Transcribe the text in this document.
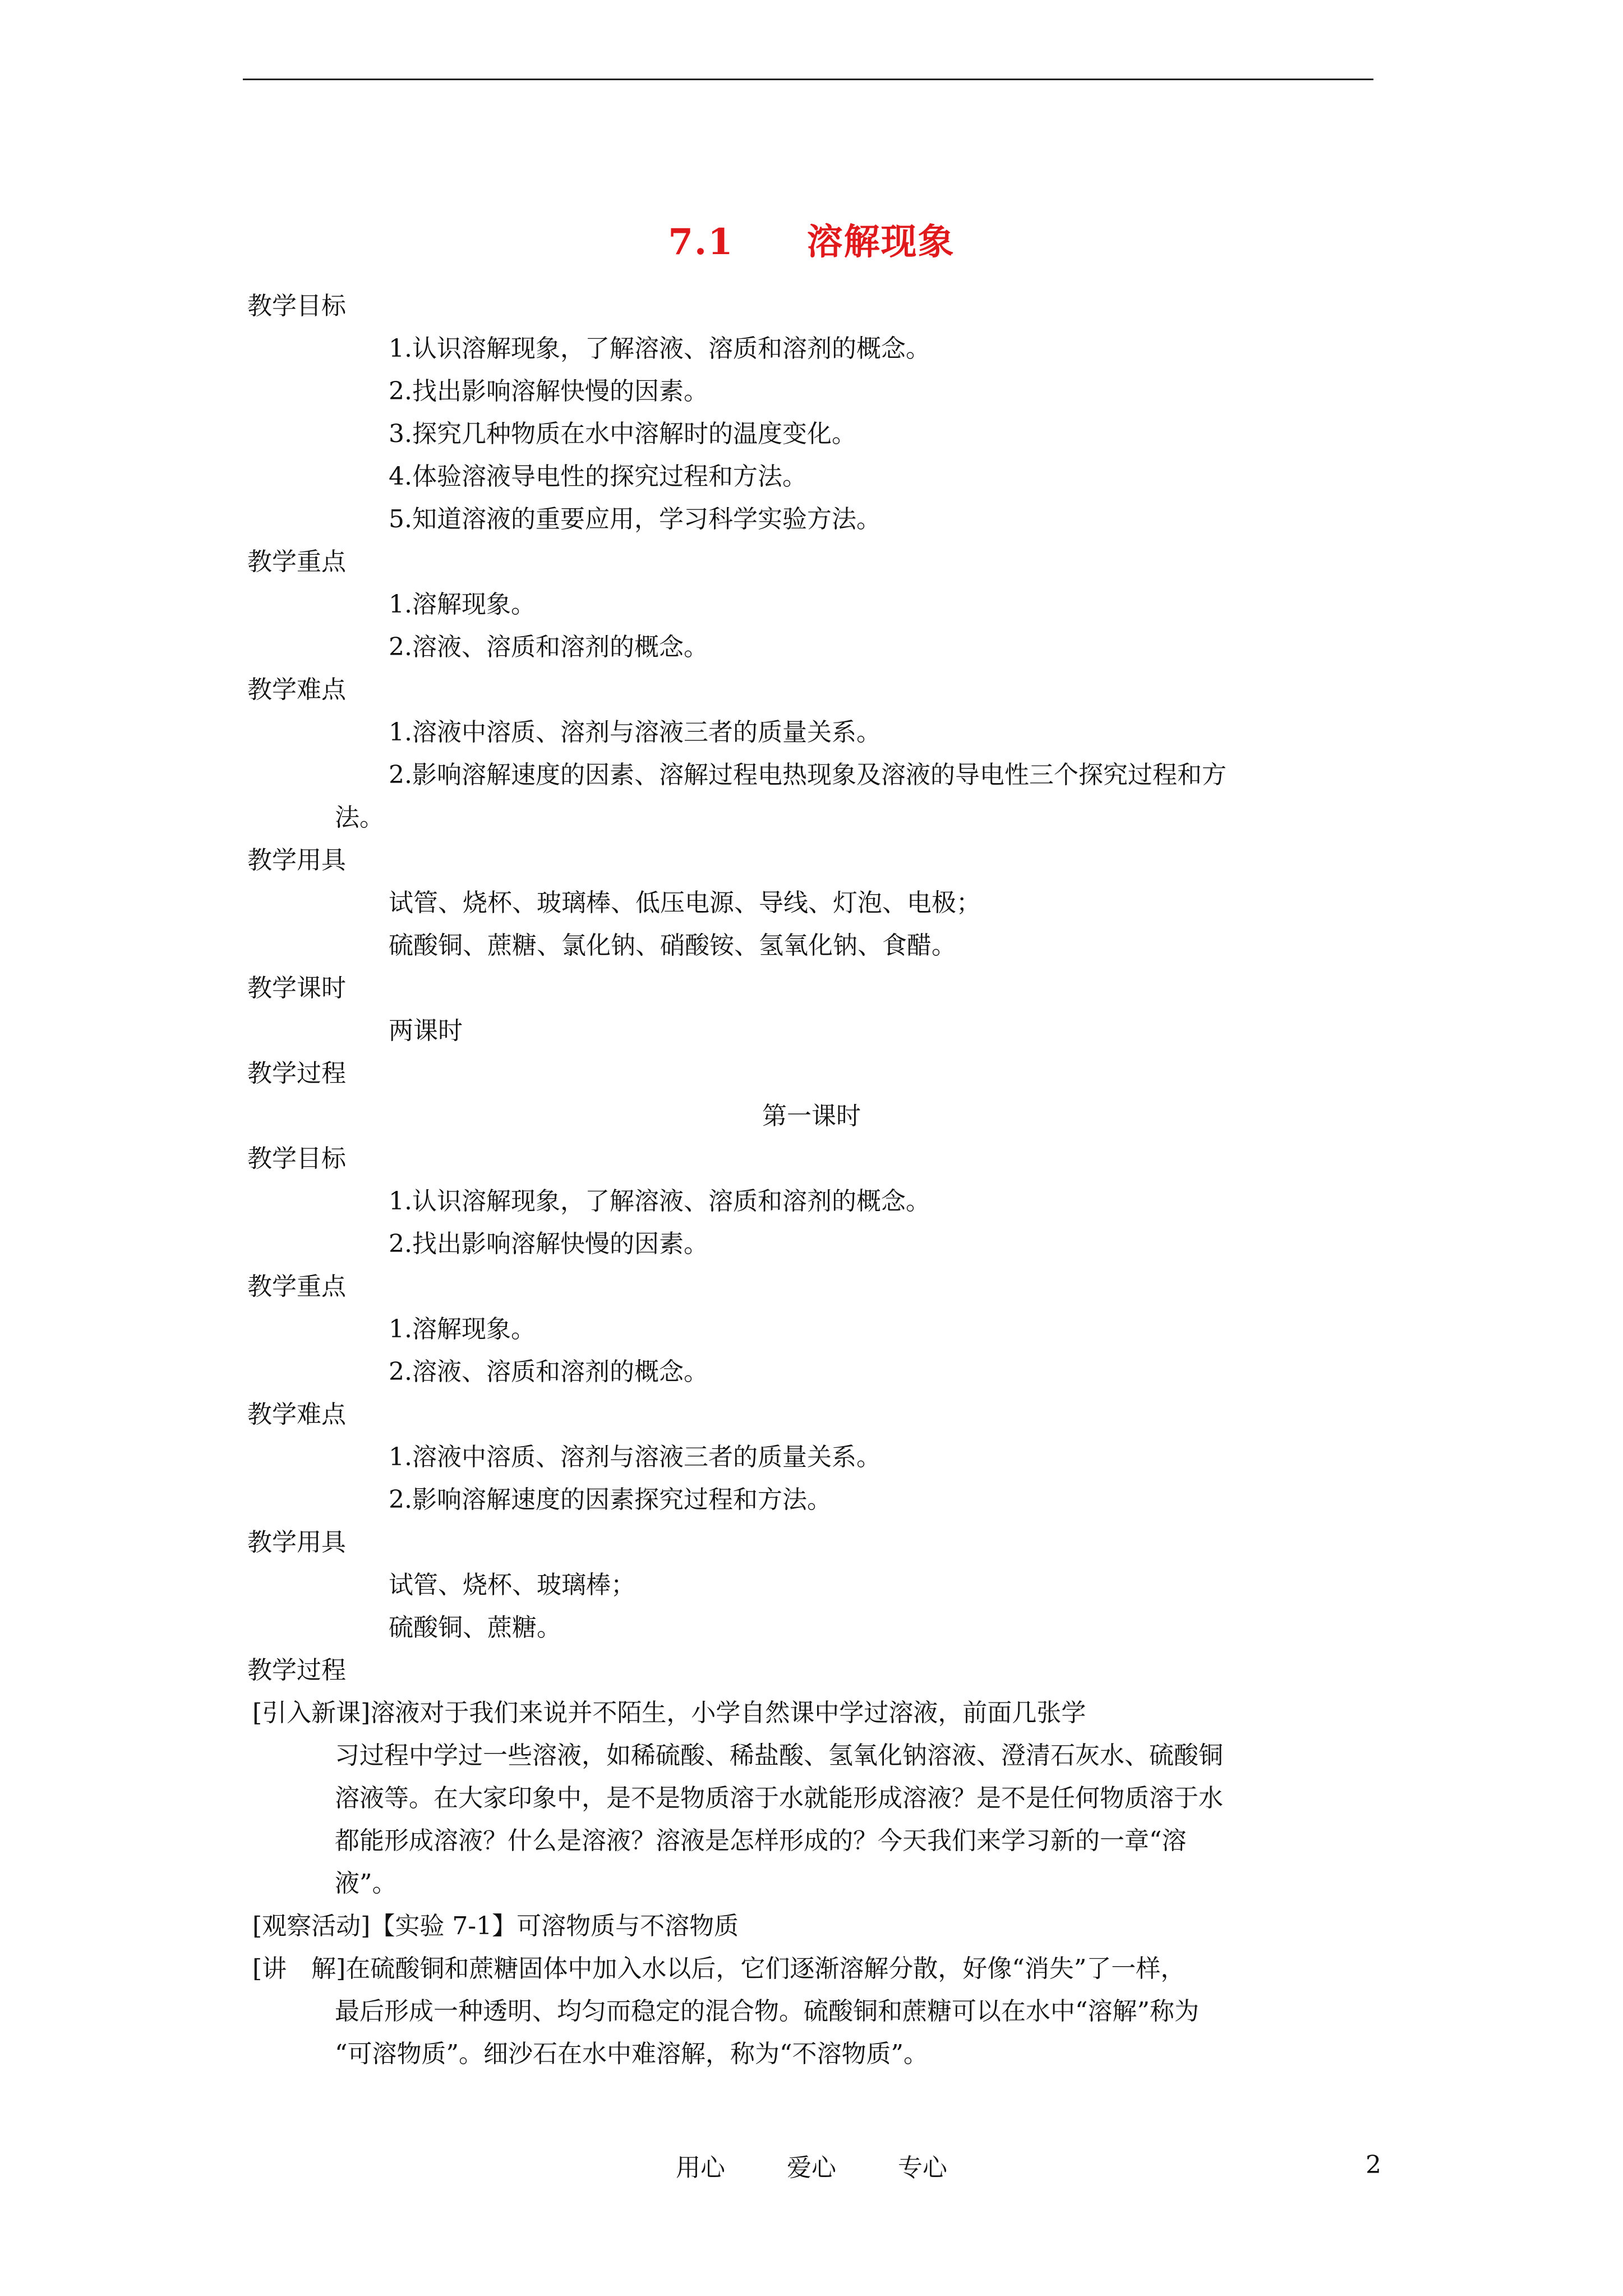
7.1 溶解现象
教学目标
1.认识溶解现象，了解溶液、溶质和溶剂的概念。
2.找出影响溶解快慢的因素。
3.探究几种物质在水中溶解时的温度变化。
4.体验溶液导电性的探究过程和方法。
5.知道溶液的重要应用，学习科学实验方法。
教学重点
1.溶解现象。
2.溶液、溶质和溶剂的概念。
教学难点
1.溶液中溶质、溶剂与溶液三者的质量关系。
2.影响溶解速度的因素、溶解过程电热现象及溶液的导电性三个探究过程和方
法。
教学用具
试管、烧杯、玻璃棒、低压电源、导线、灯泡、电极；
硫酸铜、蔗糖、氯化钠、硝酸铵、氢氧化钠、食醋。
教学课时
两课时
教学过程
第一课时
教学目标
1.认识溶解现象，了解溶液、溶质和溶剂的概念。
2.找出影响溶解快慢的因素。
教学重点
1.溶解现象。
2.溶液、溶质和溶剂的概念。
教学难点
1.溶液中溶质、溶剂与溶液三者的质量关系。
2.影响溶解速度的因素探究过程和方法。
教学用具
试管、烧杯、玻璃棒；
硫酸铜、蔗糖。
教学过程
[引入新课]溶液对于我们来说并不陌生，小学自然课中学过溶液，前面几张学
习过程中学过一些溶液，如稀硫酸、稀盐酸、氢氧化钠溶液、澄清石灰水、硫酸铜
溶液等。在大家印象中，是不是物质溶于水就能形成溶液？是不是任何物质溶于水
都能形成溶液？什么是溶液？溶液是怎样形成的？今天我们来学习新的一章“溶
液”。
[观察活动]【实验 7-1】可溶物质与不溶物质
[讲　解]在硫酸铜和蔗糖固体中加入水以后，它们逐渐溶解分散，好像“消失”了一样，
最后形成一种透明、均匀而稳定的混合物。硫酸铜和蔗糖可以在水中“溶解”称为
“可溶物质”。细沙石在水中难溶解，称为“不溶物质”。
用心	爱心	专心	2
